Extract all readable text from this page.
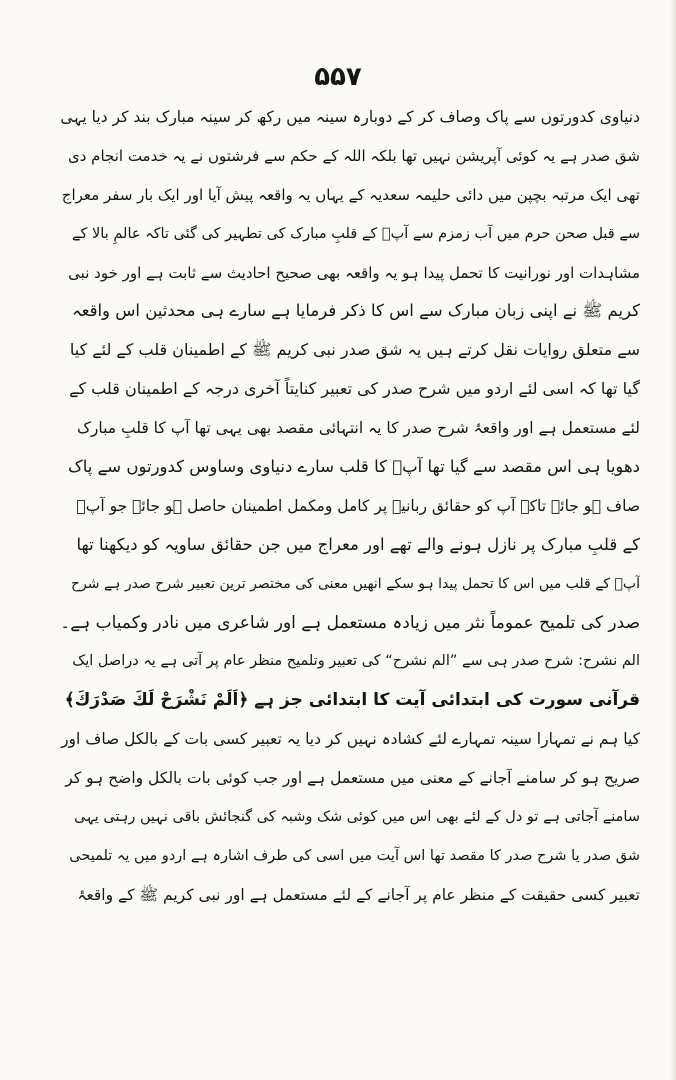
۵۵۷
دنیاوی کدورتوں سے پاک وصاف کر کے دوبارہ سینہ میں رکھ کر سینہ مبارک بند کر دیا یہی
شق صدر ہے یہ کوئی آپریشن نہیں تھا بلکہ اللہ کے حکم سے فرشتوں نے یہ خدمت انجام دی
تھی ایک مرتبہ بچپن میں دائی حلیمہ سعدیہ کے یہاں یہ واقعہ پیش آیا اور ایک بار سفر معراج
سے قبل صحن حرم میں آب زمزم سے آپؐ کے قلبِ مبارک کی تطہیر کی گئی تاکہ عالمِ بالا کے
مشاہدات اور نورانیت کا تحمل پیدا ہو یہ واقعہ بھی صحیح احادیث سے ثابت ہے اور خود نبی
کریم ﷺ نے اپنی زبان مبارک سے اس کا ذکر فرمایا ہے سارے ہی محدثین اس واقعہ
سے متعلق روایات نقل کرتے ہیں یہ شق صدر نبی کریم ﷺ کے اطمینان قلب کے لئے کیا
گیا تھا کہ اسی لئے اردو میں شرح صدر کی تعبیر کنایتاً آخری درجہ کے اطمینان قلب کے
لئے مستعمل ہے اور واقعۂ شرح صدر کا یہ انتہائی مقصد بھی یہی تھا آپ کا قلبِ مبارک
دھویا ہی اس مقصد سے گیا تھا آپؐ کا قلب سارے دنیاوی وساوس کدورتوں سے پاک
صاف ہو جائے تاکہ آپ کو حقائق ربانیہ پر کامل ومکمل اطمینان حاصل ہو جائے جو آپؐ
کے قلبِ مبارک پر نازل ہونے والے تھے اور معراج میں جن حقائق ساویہ کو دیکھنا تھا
آپؐ کے قلب میں اس کا تحمل پیدا ہو سکے انھیں معنی کی مختصر ترین تعبیر شرح صدر ہے شرح
صدر کی تلمیح عموماً نثر میں زیادہ مستعمل ہے اور شاعری میں نادر وکمیاب ہے۔
الم نشرح: شرح صدر ہی سے ”الم نشرح“ کی تعبیر وتلمیح منظر عام پر آتی ہے یہ دراصل ایک
قرآنی سورت کی ابتدائی آیت کا ابتدائی جز ہے ﴿اَلَمْ نَشْرَحْ لَكَ صَدْرَكَ﴾
کیا ہم نے تمہارا سینہ تمہارے لئے کشادہ نہیں کر دیا یہ تعبیر کسی بات کے بالکل صاف اور
صریح ہو کر سامنے آجانے کے معنی میں مستعمل ہے اور جب کوئی بات بالکل واضح ہو کر
سامنے آجاتی ہے تو دل کے لئے بھی اس میں کوئی شک وشبہ کی گنجائش باقی نہیں رہتی یہی
شق صدر یا شرح صدر کا مقصد تھا اس آیت میں اسی کی طرف اشارہ ہے اردو میں یہ تلمیحی
تعبیر کسی حقیقت کے منظر عام پر آجانے کے لئے مستعمل ہے اور نبی کریم ﷺ کے واقعۂ
